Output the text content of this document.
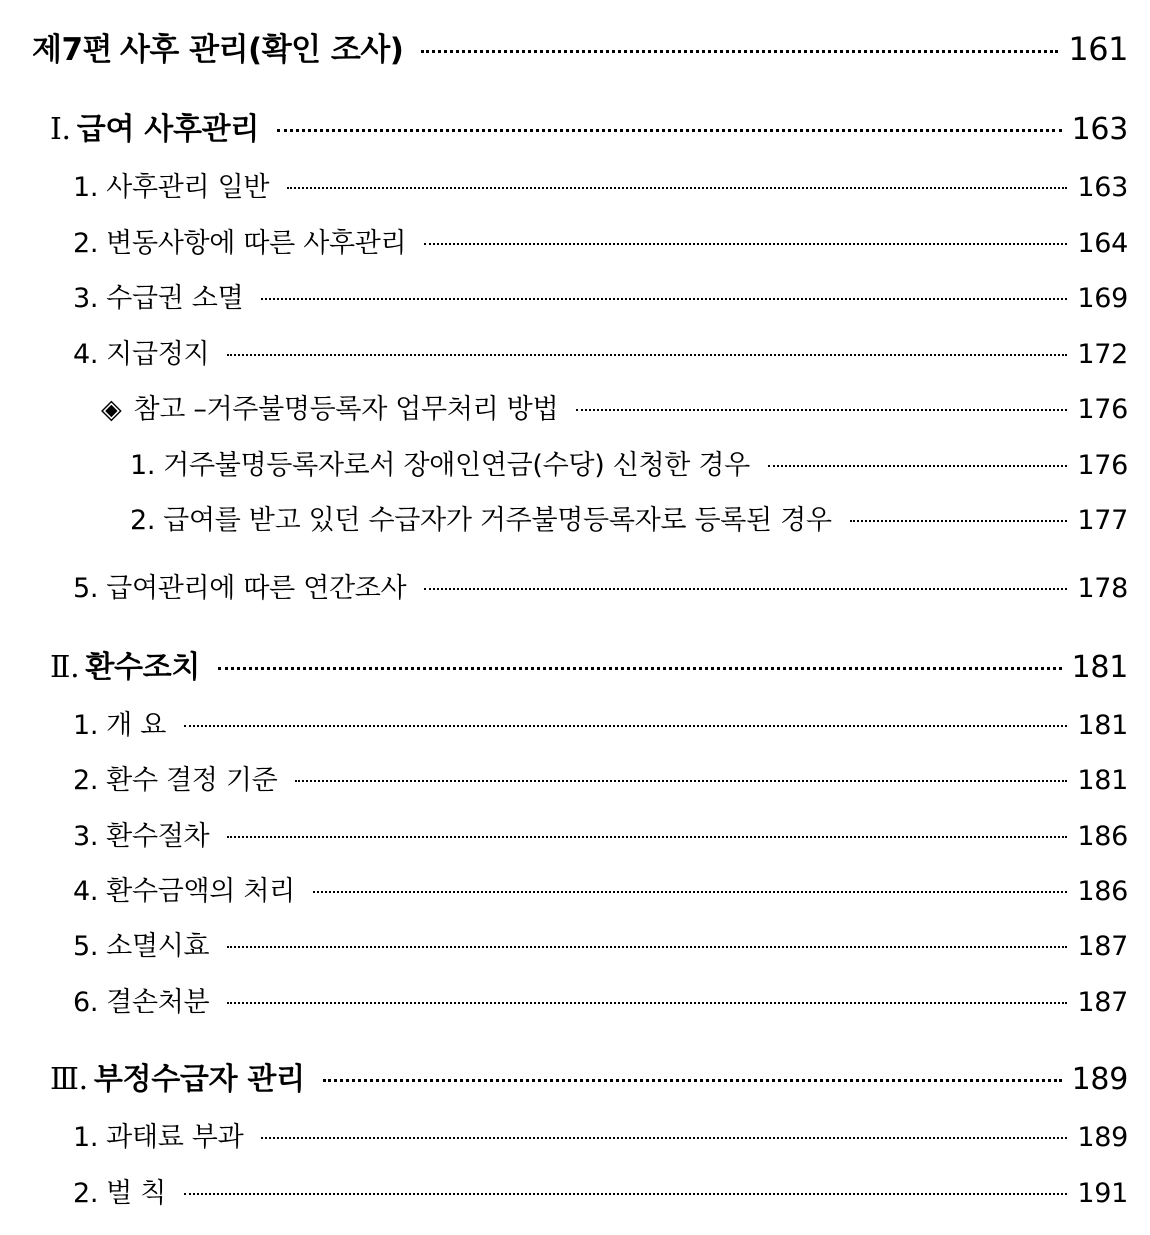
제7편 사후 관리(확인 조사)	161
Ⅰ. 급여 사후관리	163
1. 사후관리 일반	163
2. 변동사항에 따른 사후관리	164
3. 수급권 소멸	169
4. 지급정지	172
◈ 참고 –거주불명등록자 업무처리 방법	176
1. 거주불명등록자로서 장애인연금(수당) 신청한 경우	176
2. 급여를 받고 있던 수급자가 거주불명등록자로 등록된 경우	177
5. 급여관리에 따른 연간조사	178
Ⅱ. 환수조치	181
1. 개 요	181
2. 환수 결정 기준	181
3. 환수절차	186
4. 환수금액의 처리	186
5. 소멸시효	187
6. 결손처분	187
Ⅲ. 부정수급자 관리	189
1. 과태료 부과	189
2. 벌 칙	191
